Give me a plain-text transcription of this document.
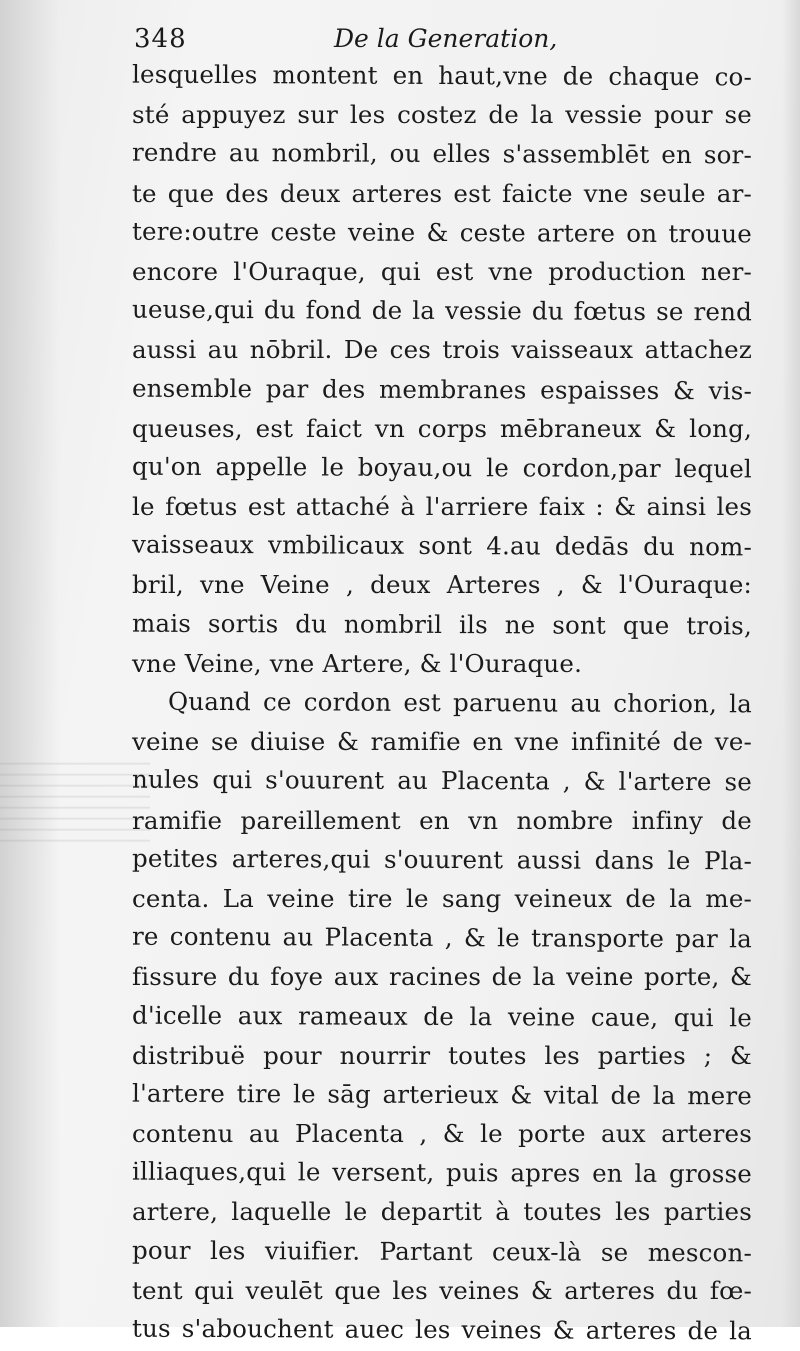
348	De la Generation,
lesquelles montent en haut,vne de chaque co-
sté appuyez sur les costez de la vessie pour se
rendre au nombril, ou elles s'assemblēt en sor-
te que des deux arteres est faicte vne seule ar-
tere:outre ceste veine & ceste artere on trouue
encore l'Ouraque, qui est vne production ner-
ueuse,qui du fond de la vessie du fœtus se rend
aussi au nōbril. De ces trois vaisseaux attachez
ensemble par des membranes espaisses & vis-
queuses, est faict vn corps mēbraneux & long,
qu'on appelle le boyau,ou le cordon,par lequel
le fœtus est attaché à l'arriere faix : & ainsi les
vaisseaux vmbilicaux sont 4.au dedās du nom-
bril, vne Veine , deux Arteres , & l'Ouraque:
mais sortis du nombril ils ne sont que trois,
vne Veine, vne Artere, & l'Ouraque.
Quand ce cordon est paruenu au chorion, la
veine se diuise & ramifie en vne infinité de ve-
nules qui s'ouurent au Placenta , & l'artere se
ramifie pareillement en vn nombre infiny de
petites arteres,qui s'ouurent aussi dans le Pla-
centa. La veine tire le sang veineux de la me-
re contenu au Placenta , & le transporte par la
fissure du foye aux racines de la veine porte, &
d'icelle aux rameaux de la veine caue, qui le
distribuë pour nourrir toutes les parties ; &
l'artere tire le sāg arterieux & vital de la mere
contenu au Placenta , & le porte aux arteres
illiaques,qui le versent, puis apres en la grosse
artere, laquelle le departit à toutes les parties
pour les viuifier. Partant ceux-là se mescon-
tent qui veulēt que les veines & arteres du fœ-
tus s'abouchent auec les veines & arteres de la
